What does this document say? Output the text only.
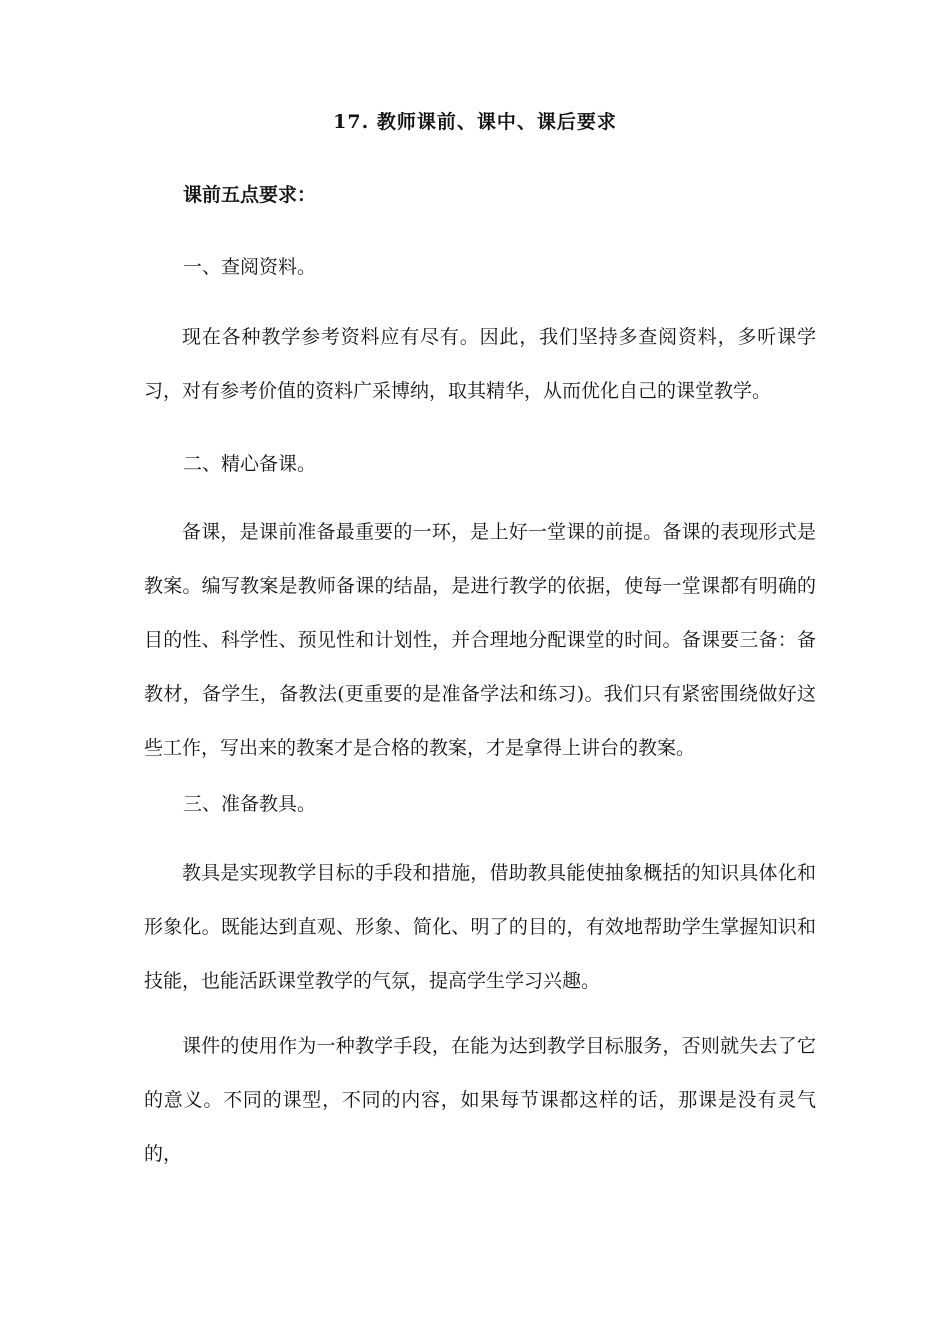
17. 教师课前、课中、课后要求
课前五点要求：
一、查阅资料。

现在各种教学参考资料应有尽有。因此，我们坚持多查阅资料，多听课学习，对有参考价值的资料广采博纳，取其精华，从而优化自己的课堂教学。

二、精心备课。

备课，是课前准备最重要的一环，是上好一堂课的前提。备课的表现形式是教案。编写教案是教师备课的结晶，是进行教学的依据，使每一堂课都有明确的目的性、科学性、预见性和计划性，并合理地分配课堂的时间。备课要三备：备教材，备学生，备教法(更重要的是准备学法和练习)。我们只有紧密围绕做好这些工作，写出来的教案才是合格的教案，才是拿得上讲台的教案。

三、准备教具。

教具是实现教学目标的手段和措施，借助教具能使抽象概括的知识具体化和形象化。既能达到直观、形象、简化、明了的目的，有效地帮助学生掌握知识和技能，也能活跃课堂教学的气氛，提高学生学习兴趣。

课件的使用作为一种教学手段，在能为达到教学目标服务，否则就失去了它的意义。不同的课型，不同的内容，如果每节课都这样的话，那课是没有灵气的，
